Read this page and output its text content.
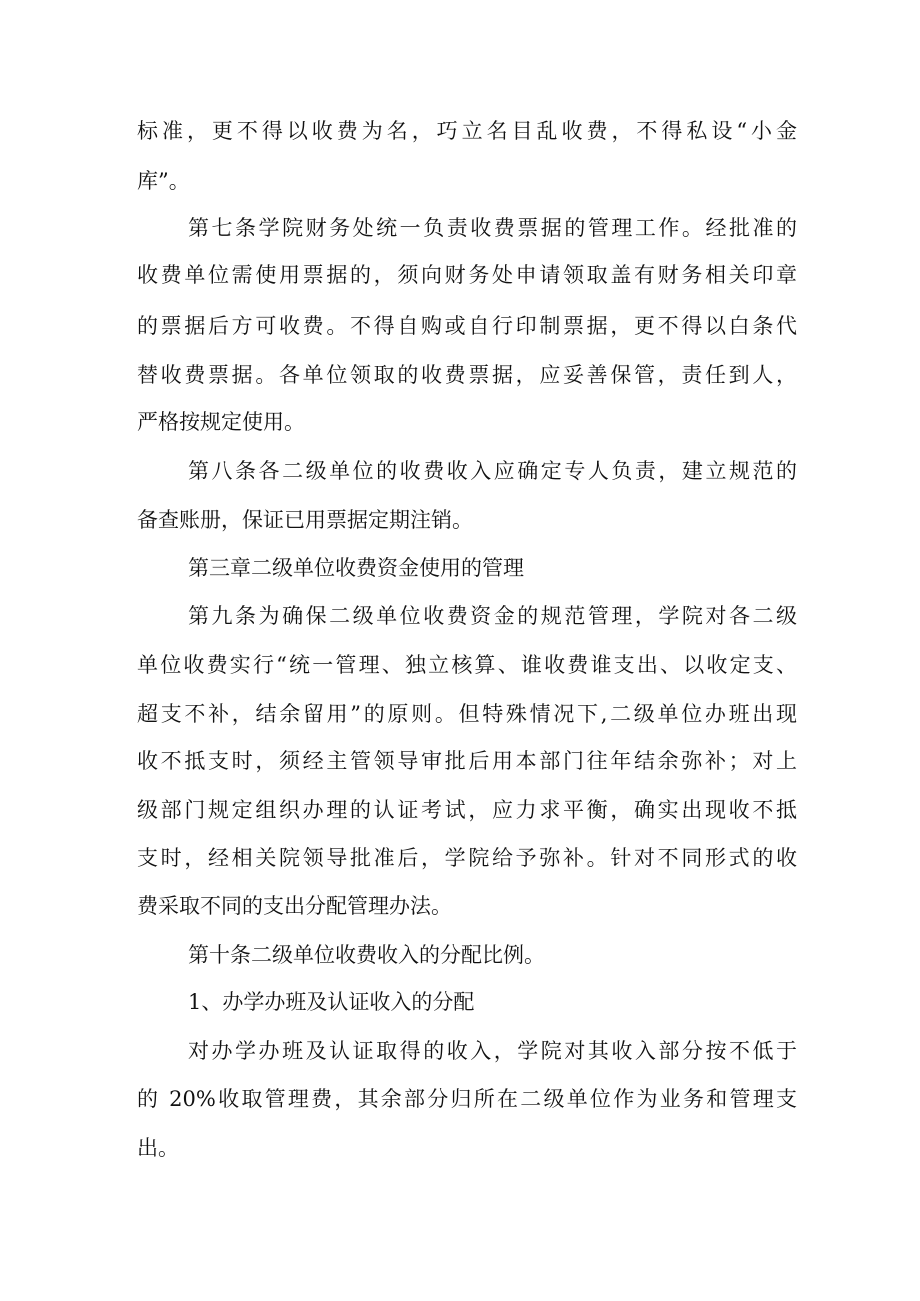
标准，更不得以收费为名，巧立名目乱收费，不得私设“小金
库”。
第七条学院财务处统一负责收费票据的管理工作。经批准的
收费单位需使用票据的，须向财务处申请领取盖有财务相关印章
的票据后方可收费。不得自购或自行印制票据，更不得以白条代
替收费票据。各单位领取的收费票据，应妥善保管，责任到人，
严格按规定使用。
第八条各二级单位的收费收入应确定专人负责，建立规范的
备查账册，保证已用票据定期注销。
第三章二级单位收费资金使用的管理
第九条为确保二级单位收费资金的规范管理，学院对各二级
单位收费实行“统一管理、独立核算、谁收费谁支出、以收定支、
超支不补，结余留用”的原则。但特殊情况下,二级单位办班出现
收不抵支时，须经主管领导审批后用本部门往年结余弥补；对上
级部门规定组织办理的认证考试，应力求平衡，确实出现收不抵
支时，经相关院领导批准后，学院给予弥补。针对不同形式的收
费采取不同的支出分配管理办法。
第十条二级单位收费收入的分配比例。
1、办学办班及认证收入的分配
对办学办班及认证取得的收入，学院对其收入部分按不低于
的 20%收取管理费，其余部分归所在二级单位作为业务和管理支
出。
